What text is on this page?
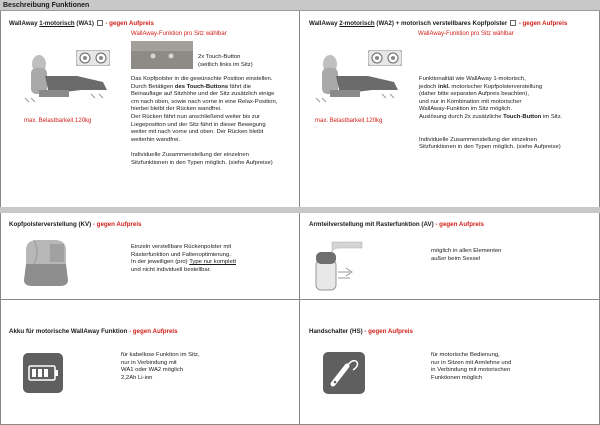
Beschreibung Funktionen
WallAway 1-motorisch (WA1)  - gegen Aufpreis
WallAway-Funktion pro Sitz wählbar
max. Belastbarkeit 120kg

2x Touch-Button

(seitlich links im Sitz)

Das Kopfpolster in die gewünschte Position einstellen.

Durch Betätigen des Touch-Buttons fährt die

Beinauflage auf Sitzhöhe und der Sitz zusätzlich einige

cm nach oben, sowie nach vorne in eine Relax-Position,

hierbei bleibt der Rücken wandfrei.

Der Rücken fährt nun anschließend weiter bis zur

Liegeposition und der Sitz fährt in dieser Bewegung

weiter mit nach vorne und oben. Der Rücken bleibt

weiterhin wandfrei.

Individuelle Zusammenstellung der einzelnen

Sitzfunktionen in den Typen möglich. (siehe Aufpreise)

WallAway 2-motorisch (WA2) + motorisch verstellbares Kopfpolster  - gegen Aufpreis
WallAway-Funktion pro Sitz wählbar
max. Belastbarkeit 120kg

Funktionalität wie WallAway 1-motorisch,

jedoch inkl. motorischer Kopfpolsterverstellung

(daher bitte separaten Aufpreis beachten),

und nur in Kombination mit motorischer

WallAway-Funktion im Sitz möglich.

Auslösung durch 2x zusätzliche Touch-Button im Sitz.

Individuelle Zusammenstellung der einzelnen

Sitzfunktionen in den Typen möglich. (siehe Aufpreise)

Kopfpolsterverstellung (KV) - gegen Aufpreis

Einzeln verstellbare Rückenpolster mit

Rasterfunktion und Faltenoptimierung.

In der jeweiligen (pro) Type nur komplett

und nicht individuell bestellbar.

Armteilverstellung mit Rasterfunktion (AV) - gegen Aufpreis

möglich in allen Elementen

außer beim Sessel

Akku für motorische WallAway Funktion - gegen Aufpreis

für kabellose Funktion im Sitz,

nur in Verbindung mit

WA1 oder WA2 möglich

2,2Ah Li-ion

Handschalter (HS) - gegen Aufpreis

für motorische Bedienung,

nur in Sitzen mit Armlehne und

in Verbindung mit motorischen

Funktionen möglich
